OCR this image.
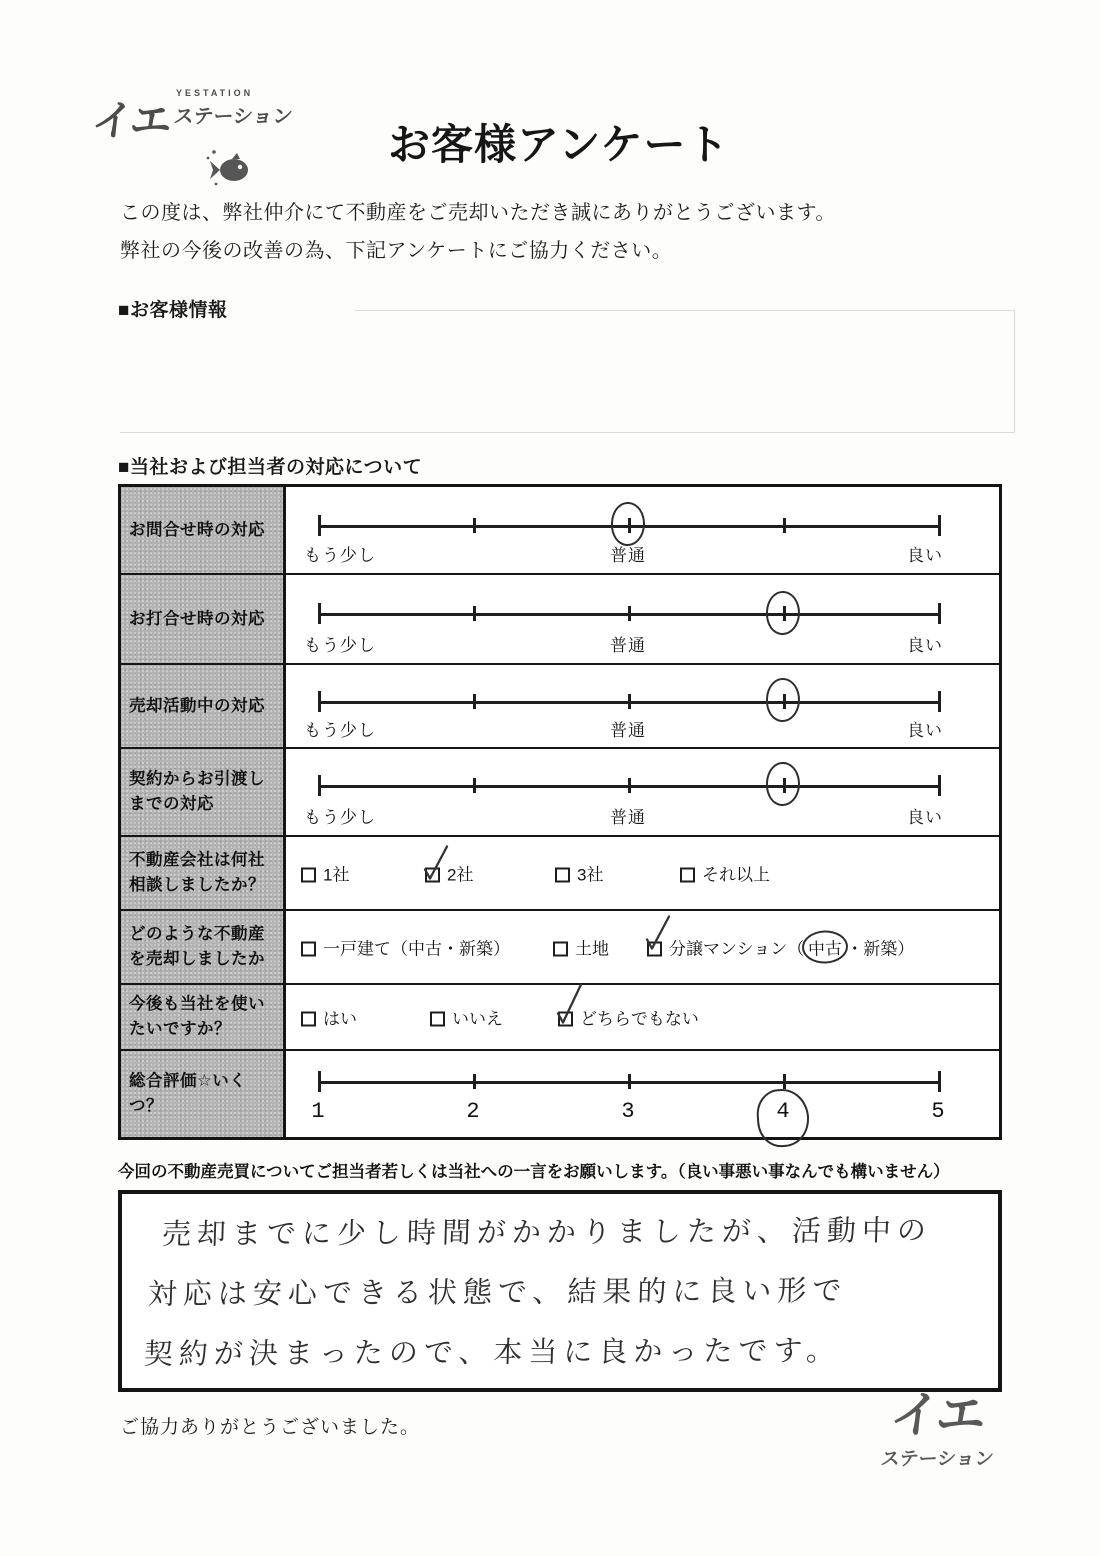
イエ
YESTATION
ステーション
お客様アンケート
この度は、弊社仲介にて不動産をご売却いただき誠にありがとうございます。
弊社の今後の改善の為、下記アンケートにご協力ください。
■お客様情報
■当社および担当者の対応について
お問合せ時の対応
もう少し	普通	良い
お打合せ時の対応
もう少し	普通	良い
売却活動中の対応
もう少し	普通	良い
契約からお引渡しまでの対応
もう少し	普通	良い
不動産会社は何社相談しましたか？
1社	2社	3社	それ以上
どのような不動産を売却しましたか
一戸建て（中古・新築）	土地	分譲マンション（ 中古 ・新築）
今後も当社を使いたいですか？
はい	いいえ	どちらでもない
総合評価☆いくつ？	1	2	3	4	5
今回の不動産売買についてご担当者若しくは当社への一言をお願いします。（良い事悪い事なんでも構いません）
売却までに少し時間がかかりましたが、活動中の
対応は安心できる状態で、結果的に良い形で
契約が決まったので、本当に良かったです。
ご協力ありがとうございました。	イエ
ステーション
